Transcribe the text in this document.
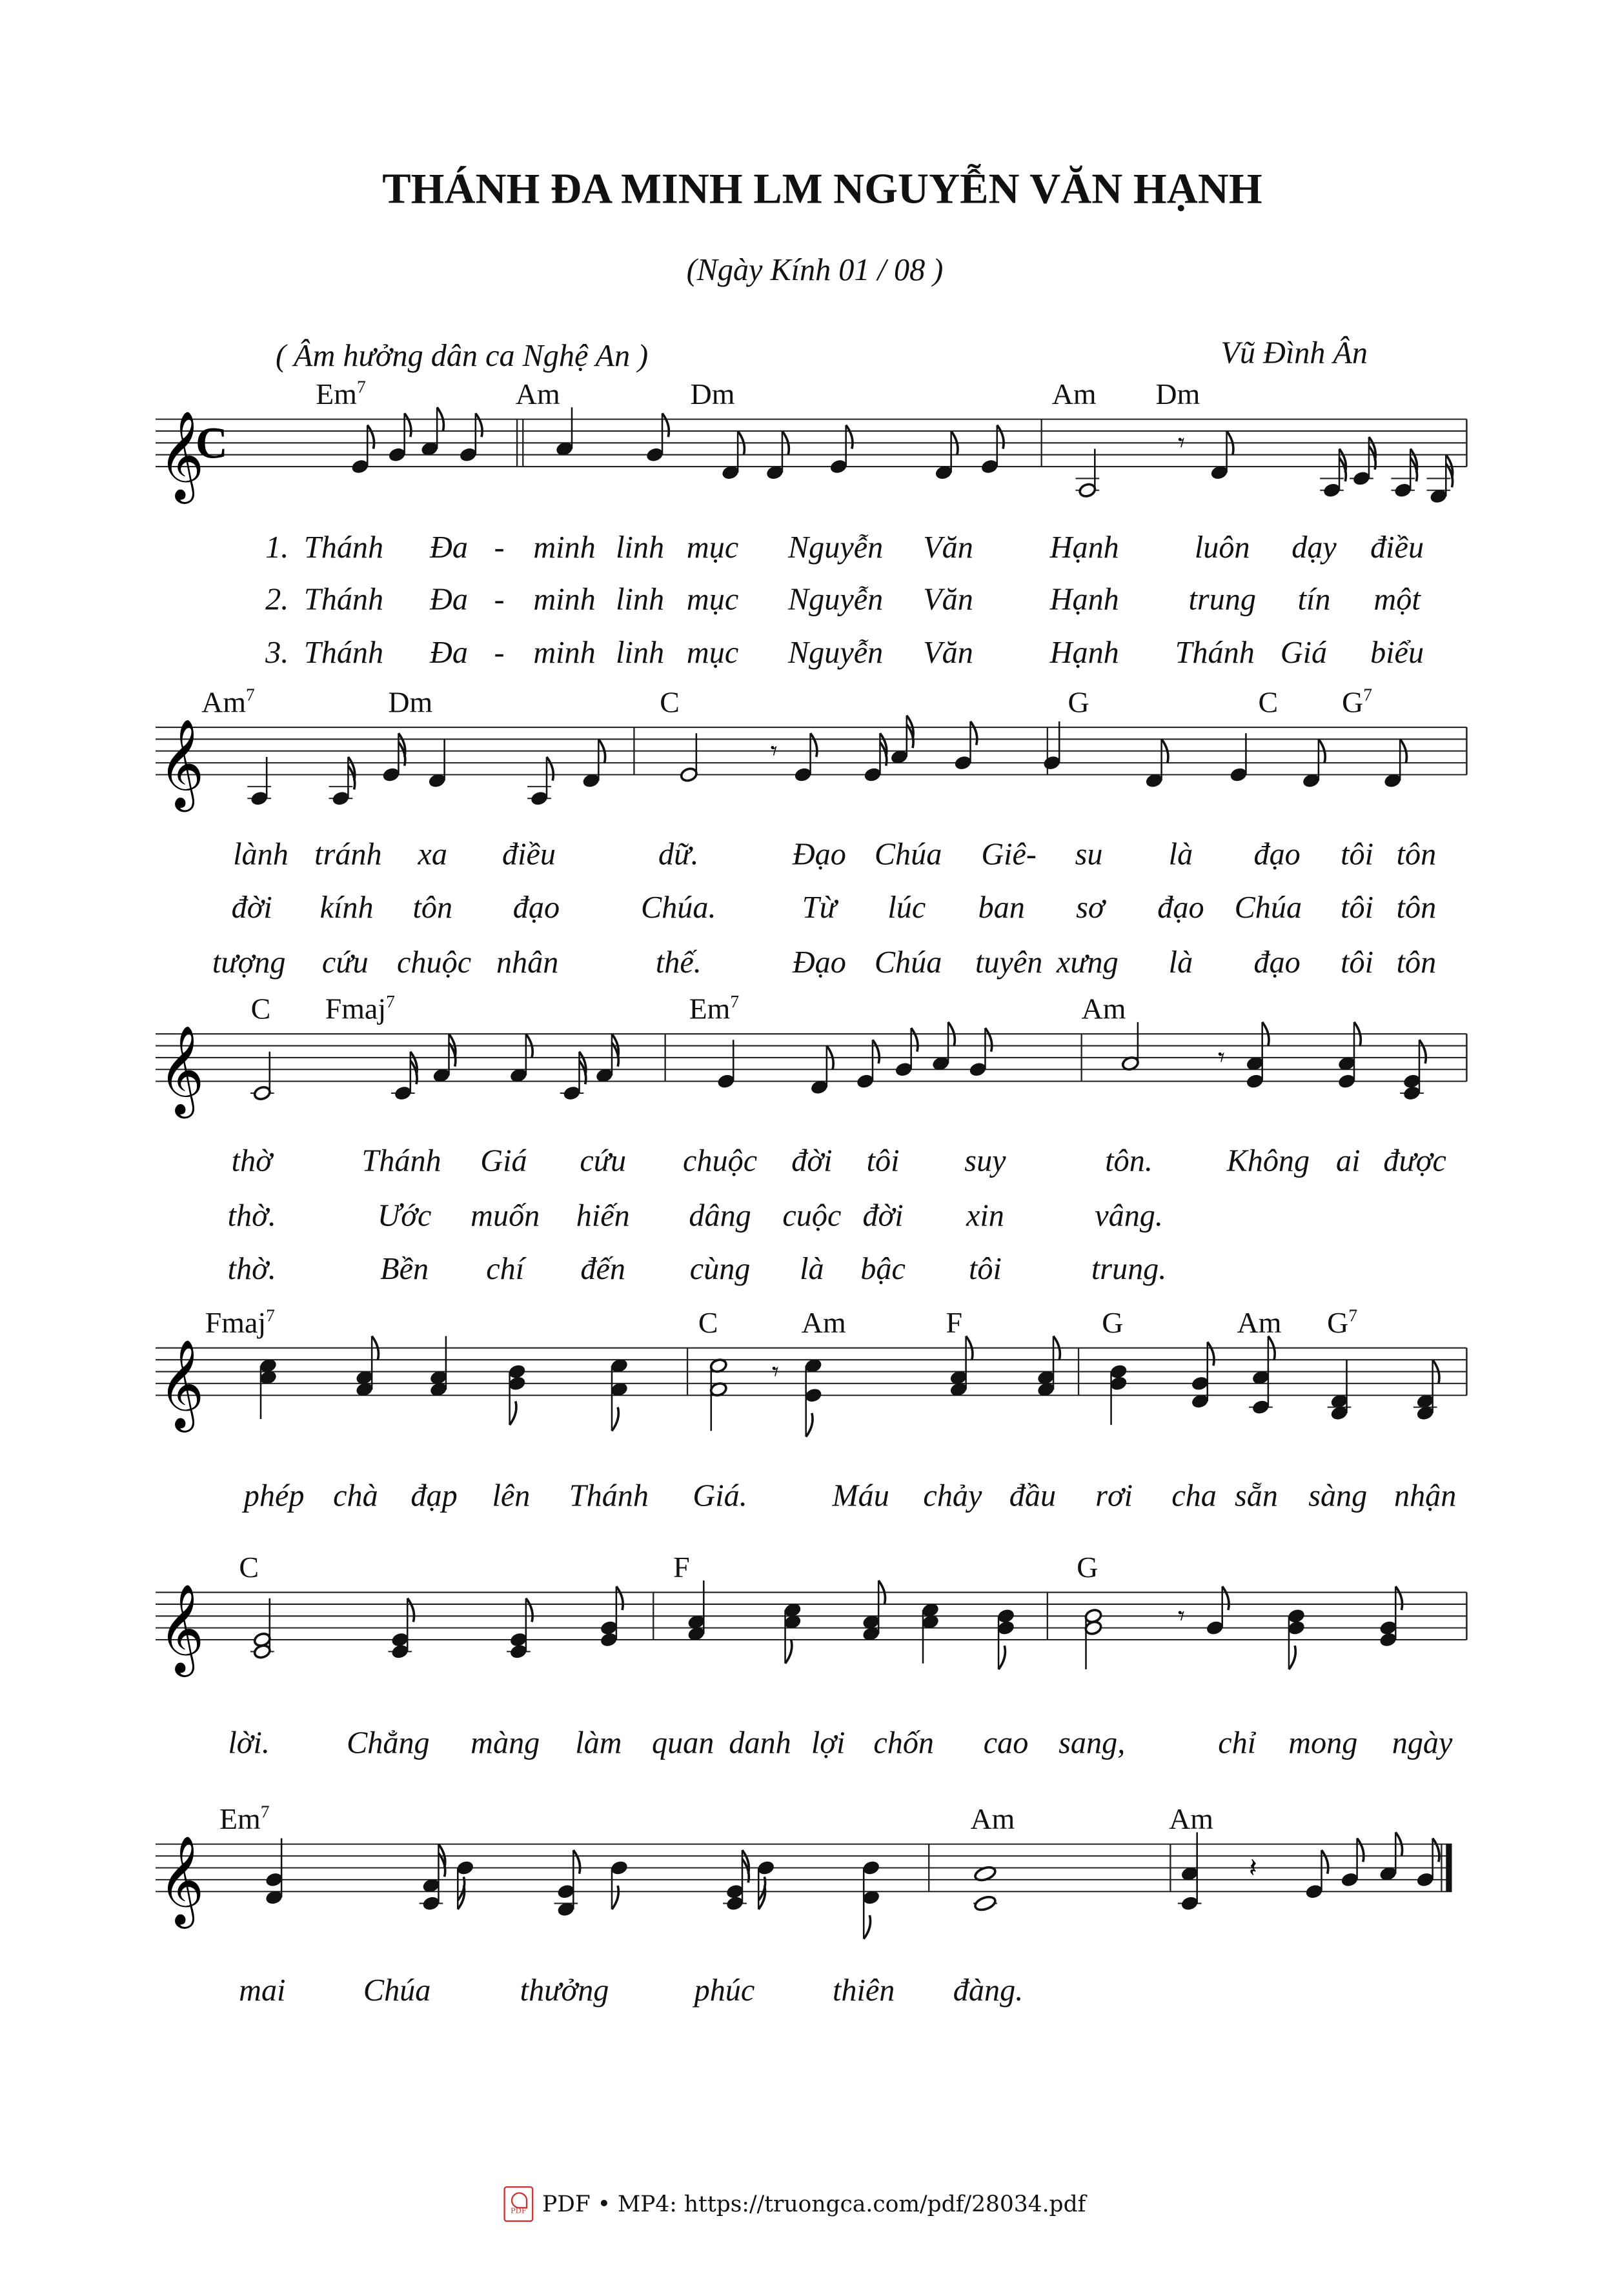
THÁNH ĐA MINH LM NGUYỄN VĂN HẠNH
(Ngày Kính 01 / 08 )
( Âm hưởng dân ca Nghệ An )	Vũ Đình Ân
𝄞
C	𝄾
𝄞	𝄾
𝄞	𝄾
𝄞	𝄾
𝄞	𝄾
𝄞	𝄽
Em$^7$	Am	Dm	Am	Dm
1. Thánh	Đa - minh linh mục	Nguyễn	Văn	Hạnh	luôn	dạy điều
2. Thánh	Đa - minh linh mục	Nguyễn	Văn	Hạnh	trung	tín	một
3. Thánh	Đa - minh linh mục	Nguyễn	Văn	Hạnh	Thánh Giá	biểu
Am$^7$	Dm	C	G	C	$G^7$
lành tránh	xa	điều	dữ.	Đạo Chúa	Giê-	su	là	đạo	tôi tôn
đời	kính	tôn	đạo	Chúa.	Từ	lúc	ban	sơ	đạo Chúa	tôi tôn
tượng	cứu chuộc nhân	thế.	Đạo Chúa tuyên xưng	là	đạo	tôi tôn
C	Fmaj$^7$	Em$^7$	Am
thờ	Thánh	Giá	cứu	chuộc	đời	tôi	suy	tôn.	Không ai được
thờ.	Ước	muốn	hiến	dâng cuộc đời	xin	vâng.
thờ.	Bền	chí	đến	cùng	là	bậc	tôi	trung.
Fmaj$^7$	C	Am	F	G	Am	$G^7$
phép chà đạp	lên	Thánh	Giá.	Máu	chảy đầu	rơi	cha sẵn sàng nhận
C	F	G
lời.	Chẳng	màng	làm quan danh lợi chốn	cao sang,	chỉ mong	ngày
Em$^7$	Am	Am
mai	Chúa	thưởng	phúc	thiên	đàng.
PDF	PDF • MP4: https://truongca.com/pdf/28034.pdf
